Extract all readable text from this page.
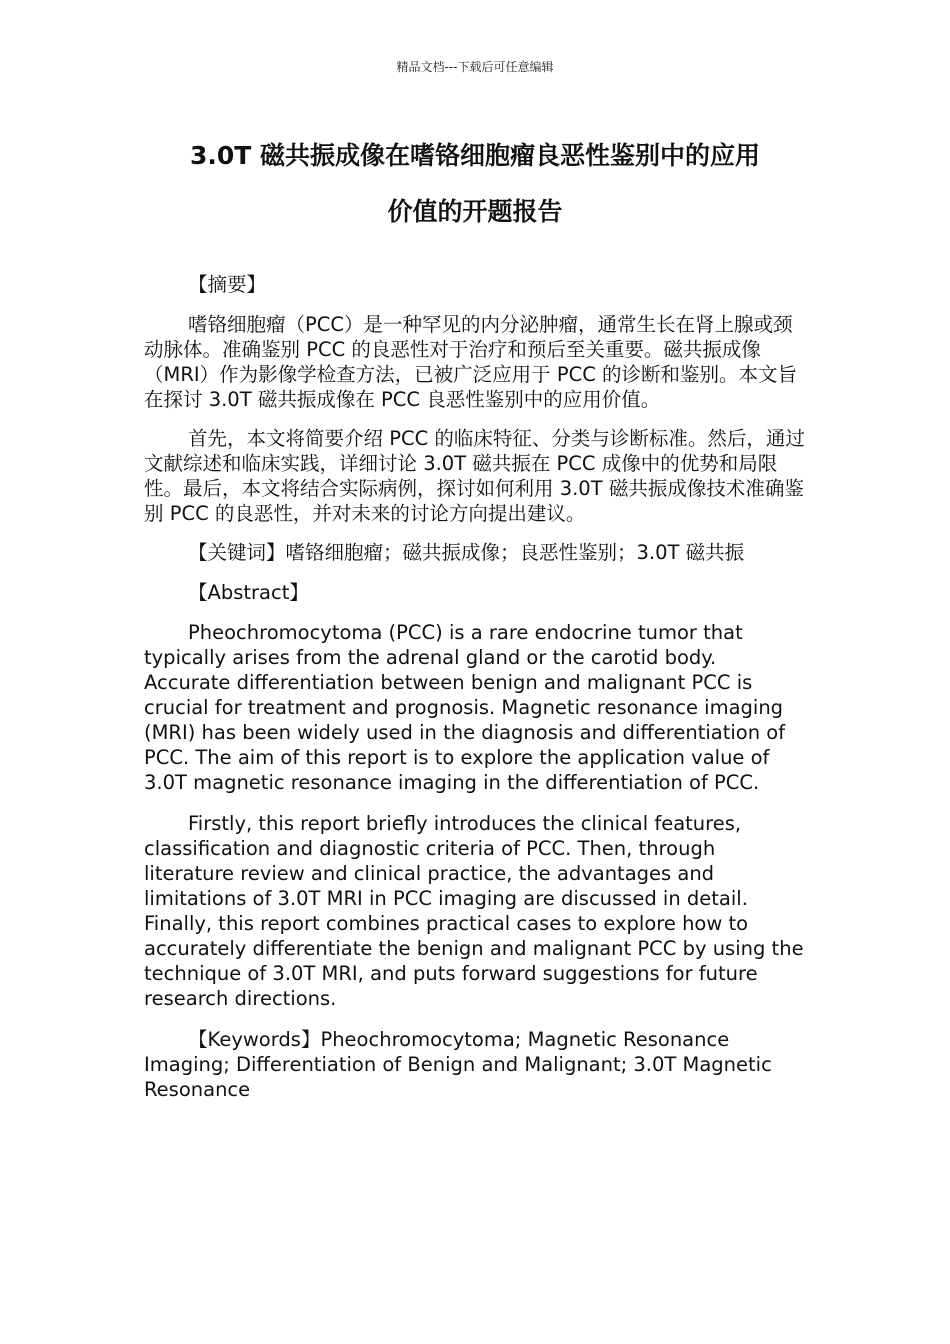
精品文档---下载后可任意编辑
3.0T 磁共振成像在嗜铬细胞瘤良恶性鉴别中的应用
价值的开题报告

【摘要】

嗜铬细胞瘤（PCC）是一种罕见的内分泌肿瘤，通常生长在肾上腺或颈动脉体。准确鉴别 PCC 的良恶性对于治疗和预后至关重要。磁共振成像（MRI）作为影像学检查方法，已被广泛应用于 PCC 的诊断和鉴别。本文旨在探讨 3.0T 磁共振成像在 PCC 良恶性鉴别中的应用价值。

首先，本文将简要介绍 PCC 的临床特征、分类与诊断标准。然后，通过文献综述和临床实践，详细讨论 3.0T 磁共振在 PCC 成像中的优势和局限性。最后，本文将结合实际病例，探讨如何利用 3.0T 磁共振成像技术准确鉴别 PCC 的良恶性，并对未来的讨论方向提出建议。

【关键词】嗜铬细胞瘤；磁共振成像；良恶性鉴别；3.0T 磁共振

【Abstract】

Pheochromocytoma (PCC) is a rare endocrine tumor that typically arises from the adrenal gland or the carotid body. Accurate differentiation between benign and malignant PCC is crucial for treatment and prognosis. Magnetic resonance imaging (MRI) has been widely used in the diagnosis and differentiation of PCC. The aim of this report is to explore the application value of 3.0T magnetic resonance imaging in the differentiation of PCC.

Firstly, this report briefly introduces the clinical features, classification and diagnostic criteria of PCC. Then, through literature review and clinical practice, the advantages and limitations of 3.0T MRI in PCC imaging are discussed in detail. Finally, this report combines practical cases to explore how to accurately differentiate the benign and malignant PCC by using the technique of 3.0T MRI, and puts forward suggestions for future research directions.

【Keywords】Pheochromocytoma; Magnetic Resonance Imaging; Differentiation of Benign and Malignant; 3.0T Magnetic Resonance
